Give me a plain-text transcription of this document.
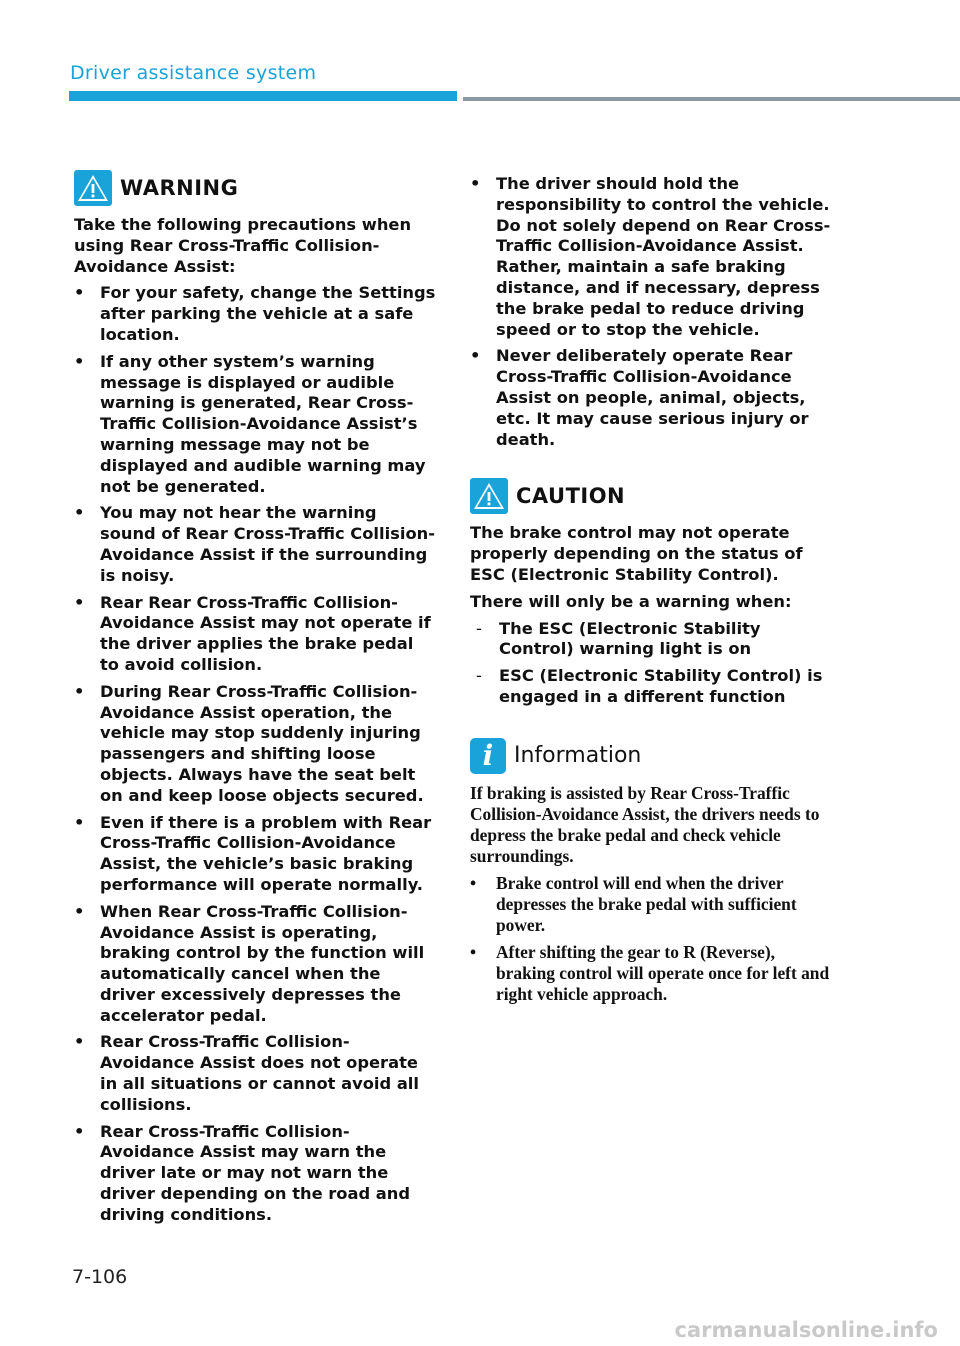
Driver assistance system
WARNING

Take the following precautions when using Rear Cross-Traffic Collision-Avoidance Assist:

• For your safety, change the Settings after parking the vehicle at a safe location.
• If any other system’s warning message is displayed or audible warning is generated, Rear Cross-Traffic Collision-Avoidance Assist’s warning message may not be displayed and audible warning may not be generated.
• You may not hear the warning sound of Rear Cross-Traffic Collision-Avoidance Assist if the surrounding is noisy.
• Rear Rear Cross-Traffic Collision-Avoidance Assist may not operate if the driver applies the brake pedal to avoid collision.
• During Rear Cross-Traffic Collision-Avoidance Assist operation, the vehicle may stop suddenly injuring passengers and shifting loose objects. Always have the seat belt on and keep loose objects secured.
• Even if there is a problem with Rear Cross-Traffic Collision-Avoidance Assist, the vehicle’s basic braking performance will operate normally.
• When Rear Cross-Traffic Collision-Avoidance Assist is operating, braking control by the function will automatically cancel when the driver excessively depresses the accelerator pedal.
• Rear Cross-Traffic Collision-Avoidance Assist does not operate in all situations or cannot avoid all collisions.
• Rear Cross-Traffic Collision-Avoidance Assist may warn the driver late or may not warn the driver depending on the road and driving conditions.
• The driver should hold the responsibility to control the vehicle. Do not solely depend on Rear Cross-Traffic Collision-Avoidance Assist. Rather, maintain a safe braking distance, and if necessary, depress the brake pedal to reduce driving speed or to stop the vehicle.
• Never deliberately operate Rear Cross-Traffic Collision-Avoidance Assist on people, animal, objects, etc. It may cause serious injury or death.
CAUTION

The brake control may not operate properly depending on the status of ESC (Electronic Stability Control).

There will only be a warning when:

- The ESC (Electronic Stability Control) warning light is on
- ESC (Electronic Stability Control) is engaged in a different function
i Information

If braking is assisted by Rear Cross-Traffic Collision-Avoidance Assist, the drivers needs to depress the brake pedal and check vehicle surroundings.

• Brake control will end when the driver depresses the brake pedal with sufficient power.
• After shifting the gear to R (Reverse), braking control will operate once for left and right vehicle approach.
7-106
carmanualsonline.info
